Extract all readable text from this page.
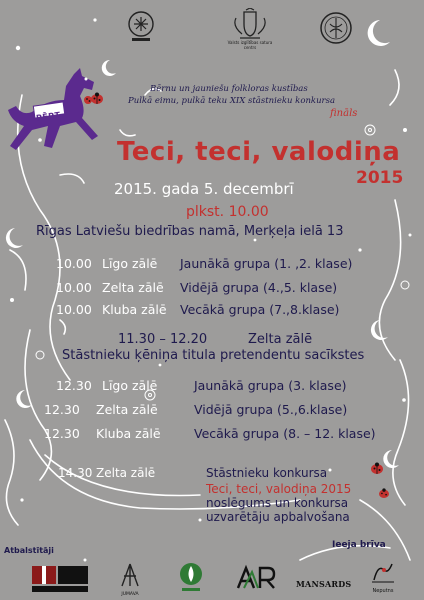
Valsts izglītības satura centrs
PĒPT
Bērnu un jauniešu folkloras kustības
Pulkā eimu, pulkā teku XIX stāstnieku konkursa
fināls
Teci, teci, valodiņa
2015
2015. gada 5. decembrī
plkst. 10.00
Rīgas Latviešu biedrības namā, Merķeļa ielā 13
10.00 Līgo zālē Jaunākā grupa (1. ,2. klase)
10.00 Zelta zālē Vidējā grupa (4.,5. klase)
10.00 Kluba zālē Vecākā grupa (7.,8.klase)
11.30 – 12.20	Zelta zālē
Stāstnieku ķēniņa titula pretendentu sacīkstes
12.30 Līgo zālē	Jaunākā grupa (3. klase)
12.30 Zelta zālē	Vidējā grupa (5.,6.klase)
12.30 Kluba zālē	Vecākā grupa (8. – 12. klase)
14.30 Zelta zālē	Stāstnieku konkursa
Teci, teci, valodiņa 2015
noslēgums un konkursa
uzvarētāju apbalvošana
Ieeja brīva
Atbalstītāji
JUMAVA
MANSARDS
Neputns
